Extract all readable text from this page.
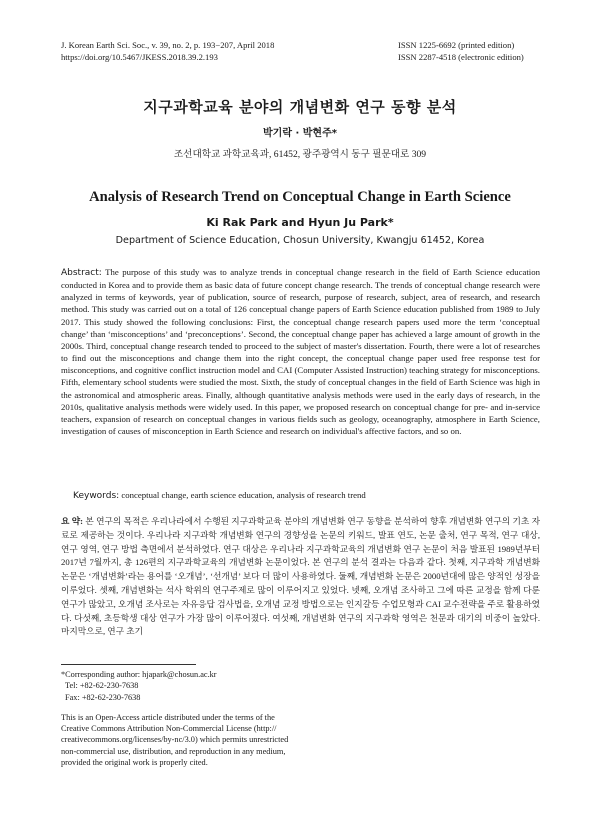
J. Korean Earth Sci. Soc., v. 39, no. 2, p. 193−207, April 2018
https://doi.org/10.5467/JKESS.2018.39.2.193
ISSN 1225-6692 (printed edition)
ISSN 2287-4518 (electronic edition)
지구과학교육 분야의 개념변화 연구 동향 분석
박기락 · 박현주*
조선대학교 과학교육과, 61452, 광주광역시 동구 필문대로 309
Analysis of Research Trend on Conceptual Change in Earth Science
Ki Rak Park and Hyun Ju Park*
Department of Science Education, Chosun University, Kwangju 61452, Korea
Abstract: The purpose of this study was to analyze trends in conceptual change research in the field of Earth Science education conducted in Korea and to provide them as basic data of future concept change research. The trends of conceptual change research were analyzed in terms of keywords, year of publication, source of research, purpose of research, subject, area of research, and research method. This study was carried out on a total of 126 conceptual change papers of Earth Science education published from 1989 to July 2017. This study showed the following conclusions: First, the conceptual change research papers used more the term ‘conceptual change’ than ‘misconceptions’ and ‘preconceptions’. Second, the conceptual change paper has achieved a large amount of growth in the 2000s. Third, conceptual change research tended to proceed to the subject of master's dissertation. Fourth, there were a lot of researches to find out the misconceptions and change them into the right concept, the conceptual change paper used free response test for misconceptions, and cognitive conflict instruction model and CAI (Computer Assisted Instruction) teaching strategy for misconceptions. Fifth, elementary school students were studied the most. Sixth, the study of conceptual changes in the field of Earth Science was high in the astronomical and atmospheric areas. Finally, although quantitative analysis methods were used in the early days of research, in the 2010s, qualitative analysis methods were widely used. In this paper, we proposed research on conceptual change for pre- and in-service teachers, expansion of research on conceptual changes in various fields such as geology, oceanography, atmosphere in Earth Science, investigation of causes of misconception in Earth Science and research on individual's affective factors, and so on.
Keywords: conceptual change, earth science education, analysis of research trend
요 약: 본 연구의 목적은 우리나라에서 수행된 지구과학교육 분야의 개념변화 연구 동향을 분석하여 향후 개념변화 연구의 기초 자료로 제공하는 것이다. 우리나라 지구과학 개념변화 연구의 경향성을 논문의 키워드, 발표 연도, 논문 출처, 연구 목적, 연구 대상, 연구 영역, 연구 방법 측면에서 분석하였다. 연구 대상은 우리나라 지구과학교육의 개념변화 연구 논문이 처음 발표된 1989년부터 2017년 7월까지, 총 126편의 지구과학교육의 개념변화 논문이었다. 본 연구의 분석 결과는 다음과 같다. 첫째, 지구과학 개념변화 논문은 ‘개념변화’라는 용어를 ‘오개념’, ‘선개념’ 보다 더 많이 사용하였다. 둘째, 개념변화 논문은 2000년대에 많은 양적인 성장을 이루었다. 셋째, 개념변화는 석사 학위의 연구주제로 많이 이루어지고 있었다. 넷째, 오개념 조사하고 그에 따른 교정을 함께 다룬 연구가 많았고, 오개념 조사로는 자유응답 검사법을, 오개념 교정 방법으로는 인지갈등 수업모형과 CAI 교수전략을 주로 활용하였다. 다섯째, 초등학생 대상 연구가 가장 많이 이루어졌다. 여섯째, 개념변화 연구의 지구과학 영역은 천문과 대기의 비중이 높았다. 마지막으로, 연구 초기
*Corresponding author: hjapark@chosun.ac.kr
Tel: +82-62-230-7638
Fax: +82-62-230-7638
This is an Open-Access article distributed under the terms of the
Creative Commons Attribution Non-Commercial License (http://
creativecommons.org/licenses/by-nc/3.0) which permits unrestricted
non-commercial use, distribution, and reproduction in any medium,
provided the original work is properly cited.
